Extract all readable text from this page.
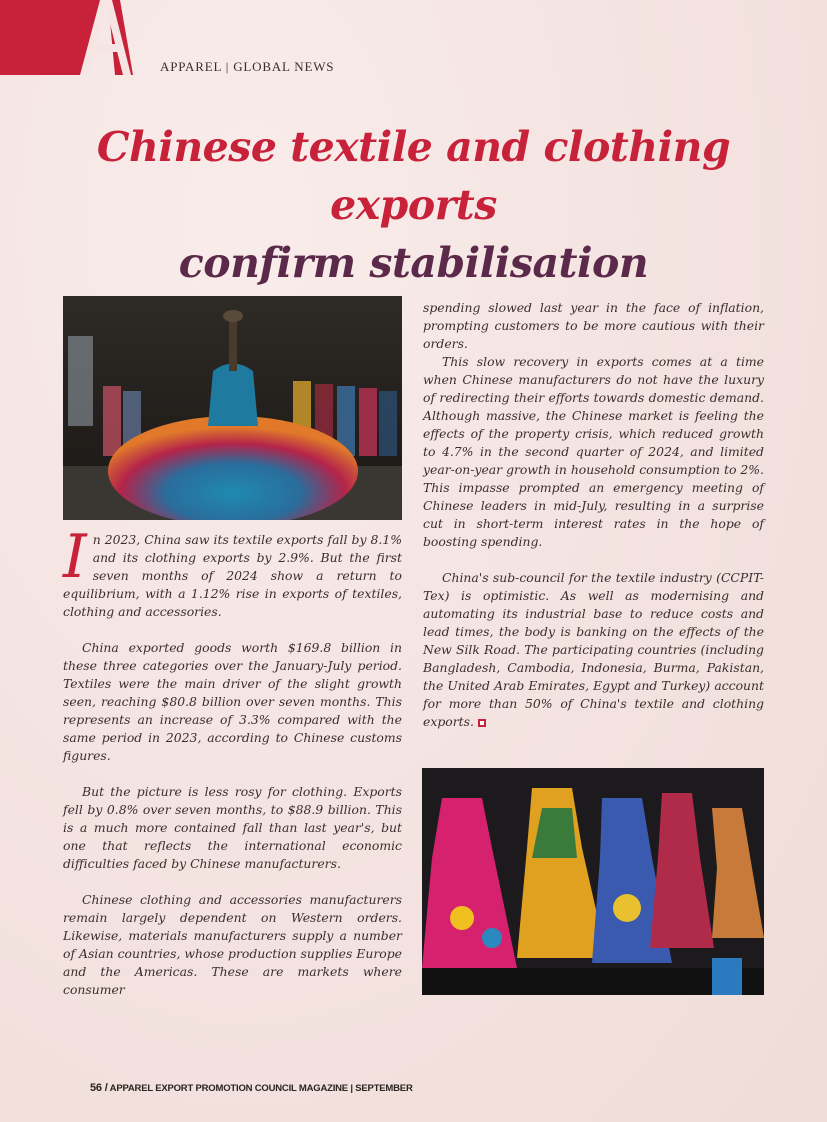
APPAREL | GLOBAL NEWS
Chinese textile and clothing exports
confirm stabilisation

In 2023, China saw its textile exports fall by 8.1% and its clothing exports by 2.9%. But the first seven months of 2024 show a return to equilibrium, with a 1.12% rise in exports of textiles, clothing and accessories.

China exported goods worth $169.8 billion in these three categories over the January-July period. Textiles were the main driver of the slight growth seen, reaching $80.8 billion over seven months. This represents an increase of 3.3% compared with the same period in 2023, according to Chinese customs figures.

But the picture is less rosy for clothing. Exports fell by 0.8% over seven months, to $88.9 billion. This is a much more contained fall than last year's, but one that reflects the international economic difficulties faced by Chinese manufacturers.

Chinese clothing and accessories manufacturers remain largely dependent on Western orders. Likewise, materials manufacturers supply a number of Asian countries, whose production supplies Europe and the Americas. These are markets where consumer

spending slowed last year in the face of inflation, prompting customers to be more cautious with their orders.

This slow recovery in exports comes at a time when Chinese manufacturers do not have the luxury of redirecting their efforts towards domestic demand. Although massive, the Chinese market is feeling the effects of the property crisis, which reduced growth to 4.7% in the second quarter of 2024, and limited year-on-year growth in household consumption to 2%. This impasse prompted an emergency meeting of Chinese leaders in mid-July, resulting in a surprise cut in short-term interest rates in the hope of boosting spending.

China's sub-council for the textile industry (CCPIT-Tex) is optimistic. As well as modernising and automating its industrial base to reduce costs and lead times, the body is banking on the effects of the New Silk Road. The participating countries (including Bangladesh, Cambodia, Indonesia, Burma, Pakistan, the United Arab Emirates, Egypt and Turkey) account for more than 50% of China's textile and clothing exports.

56 / APPAREL EXPORT PROMOTION COUNCIL MAGAZINE | SEPTEMBER
